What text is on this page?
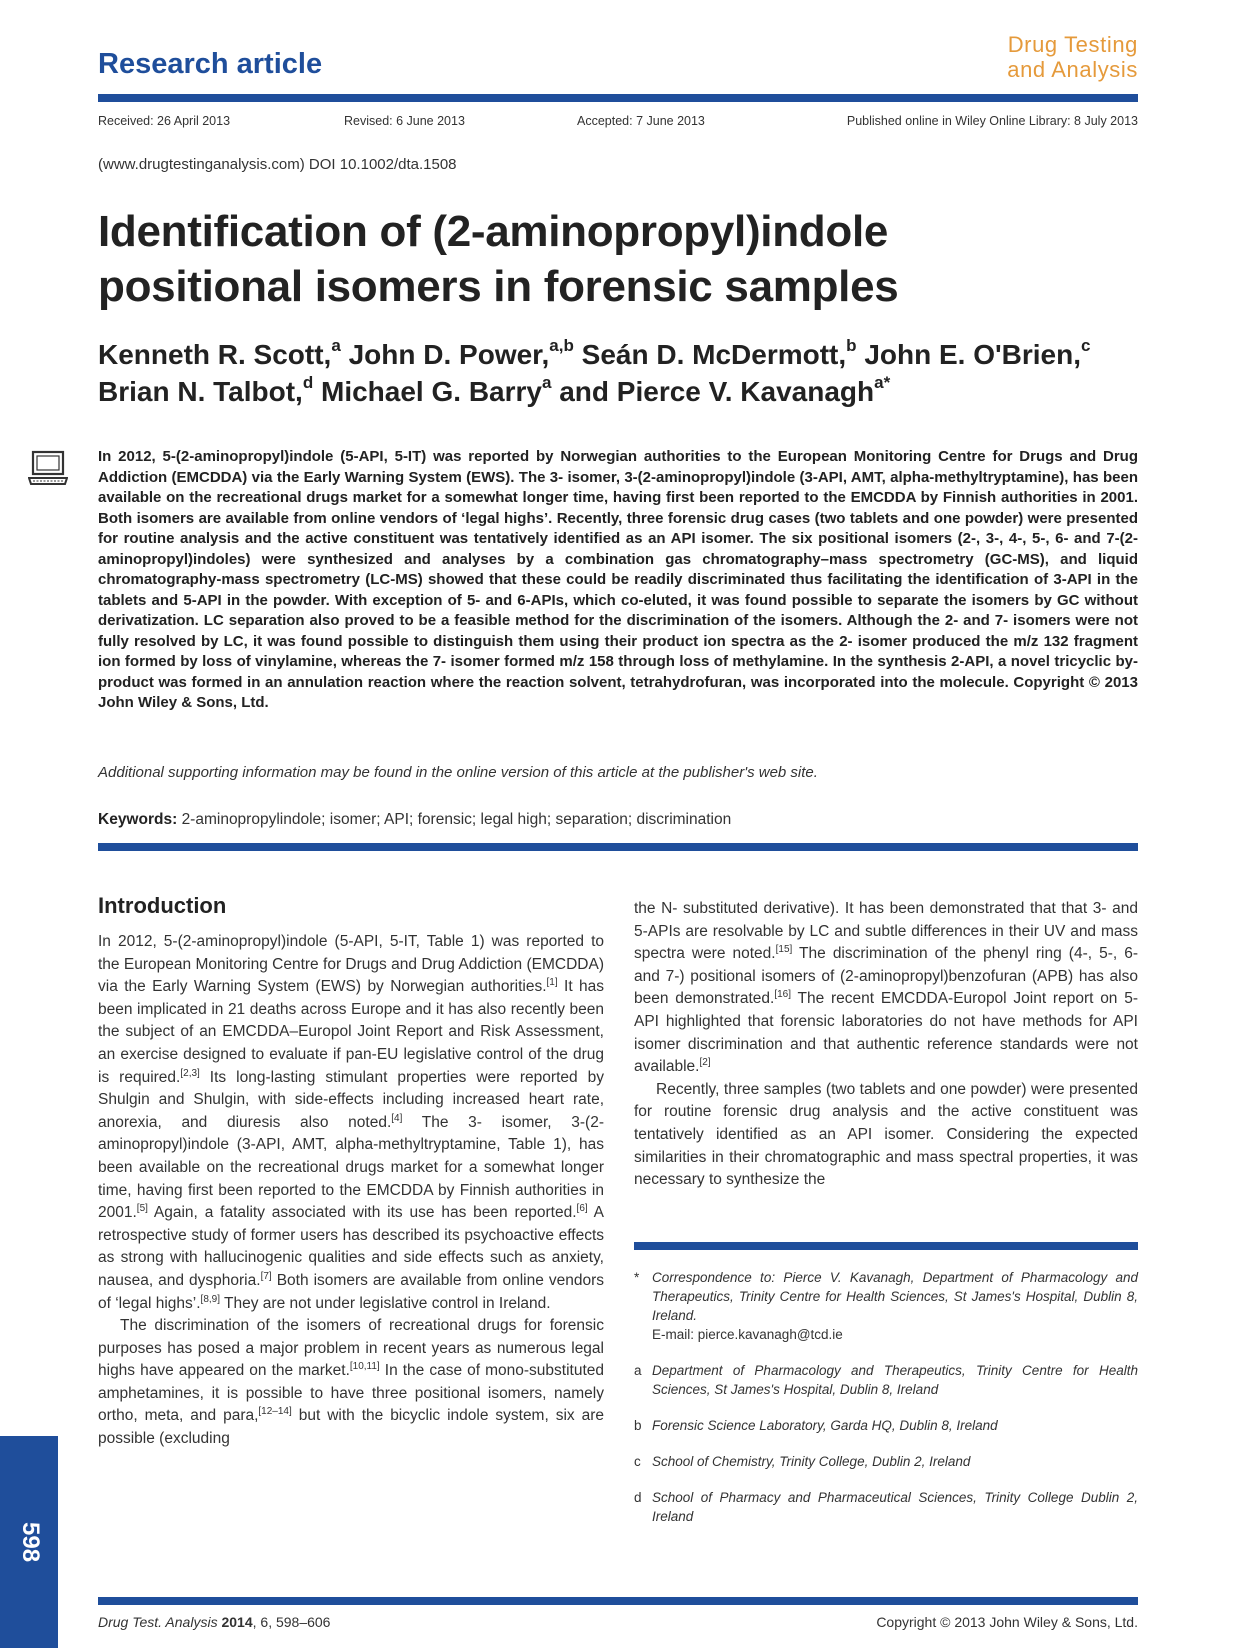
Research article
Drug Testing
and Analysis
Received: 26 April 2013	Revised: 6 June 2013	Accepted: 7 June 2013	Published online in Wiley Online Library: 8 July 2013
(www.drugtestinganalysis.com) DOI 10.1002/dta.1508
Identification of (2-aminopropyl)indole
positional isomers in forensic samples
Kenneth R. Scott,$^a$ John D. Power,$^{a,b}$ Seán D. McDermott,$^b$ John E. O'Brien,$^c$
Brian N. Talbot,$^d$ Michael G. Barry$^a$ and Pierce V. Kavanagh$^{a*}$
In 2012, 5-(2-aminopropyl)indole (5-API, 5-IT) was reported by Norwegian authorities to the European Monitoring Centre for Drugs and Drug Addiction (EMCDDA) via the Early Warning System (EWS). The 3- isomer, 3-(2-aminopropyl)indole (3-API, AMT, alpha-methyltryptamine), has been available on the recreational drugs market for a somewhat longer time, having first been reported to the EMCDDA by Finnish authorities in 2001. Both isomers are available from online vendors of ‘legal highs’. Recently, three forensic drug cases (two tablets and one powder) were presented for routine analysis and the active constituent was tentatively identified as an API isomer. The six positional isomers (2-, 3-, 4-, 5-, 6- and 7-(2-aminopropyl)indoles) were synthesized and analyses by a combination gas chromatography–mass spectrometry (GC-MS), and liquid chromatography-mass spectrometry (LC-MS) showed that these could be readily discriminated thus facilitating the identification of 3-API in the tablets and 5-API in the powder. With exception of 5- and 6-APIs, which co-eluted, it was found possible to separate the isomers by GC without derivatization. LC separation also proved to be a feasible method for the discrimination of the isomers. Although the 2- and 7- isomers were not fully resolved by LC, it was found possible to distinguish them using their product ion spectra as the 2- isomer produced the m/z 132 fragment ion formed by loss of vinylamine, whereas the 7- isomer formed m/z 158 through loss of methylamine. In the synthesis 2-API, a novel tricyclic by-product was formed in an annulation reaction where the reaction solvent, tetrahydrofuran, was incorporated into the molecule. Copyright © 2013 John Wiley & Sons, Ltd.
Additional supporting information may be found in the online version of this article at the publisher's web site.
Keywords: 2-aminopropylindole; isomer; API; forensic; legal high; separation; discrimination
Introduction

In 2012, 5-(2-aminopropyl)indole (5-API, 5-IT, Table 1) was reported to the European Monitoring Centre for Drugs and Drug Addiction (EMCDDA) via the Early Warning System (EWS) by Norwegian authorities.[1] It has been implicated in 21 deaths across Europe and it has also recently been the subject of an EMCDDA–Europol Joint Report and Risk Assessment, an exercise designed to evaluate if pan-EU legislative control of the drug is required.[2,3] Its long-lasting stimulant properties were reported by Shulgin and Shulgin, with side-effects including increased heart rate, anorexia, and diuresis also noted.[4] The 3- isomer, 3-(2-aminopropyl)indole (3-API, AMT, alpha-methyltryptamine, Table 1), has been available on the recreational drugs market for a somewhat longer time, having first been reported to the EMCDDA by Finnish authorities in 2001.[5] Again, a fatality associated with its use has been reported.[6] A retrospective study of former users has described its psychoactive effects as strong with hallucinogenic qualities and side effects such as anxiety, nausea, and dysphoria.[7] Both isomers are available from online vendors of ‘legal highs’.[8,9] They are not under legislative control in Ireland.

The discrimination of the isomers of recreational drugs for forensic purposes has posed a major problem in recent years as numerous legal highs have appeared on the market.[10,11] In the case of mono-substituted amphetamines, it is possible to have three positional isomers, namely ortho, meta, and para,[12–14] but with the bicyclic indole system, six are possible (excluding

the N- substituted derivative). It has been demonstrated that that 3- and 5-APIs are resolvable by LC and subtle differences in their UV and mass spectra were noted.[15] The discrimination of the phenyl ring (4-, 5-, 6- and 7-) positional isomers of (2-aminopropyl)benzofuran (APB) has also been demonstrated.[16] The recent EMCDDA-Europol Joint report on 5-API highlighted that forensic laboratories do not have methods for API isomer discrimination and that authentic reference standards were not available.[2]

Recently, three samples (two tablets and one powder) were presented for routine forensic drug analysis and the active constituent was tentatively identified as an API isomer. Considering the expected similarities in their chromatographic and mass spectral properties, it was necessary to synthesize the

* Correspondence to: Pierce V. Kavanagh, Department of Pharmacology and Therapeutics, Trinity Centre for Health Sciences, St James's Hospital, Dublin 8, Ireland.
E-mail: pierce.kavanagh@tcd.ie
a Department of Pharmacology and Therapeutics, Trinity Centre for Health Sciences, St James's Hospital, Dublin 8, Ireland
b Forensic Science Laboratory, Garda HQ, Dublin 8, Ireland
c School of Chemistry, Trinity College, Dublin 2, Ireland
d School of Pharmacy and Pharmaceutical Sciences, Trinity College Dublin 2, Ireland
598
Drug Test. Analysis 2014, 6, 598–606	Copyright © 2013 John Wiley & Sons, Ltd.
